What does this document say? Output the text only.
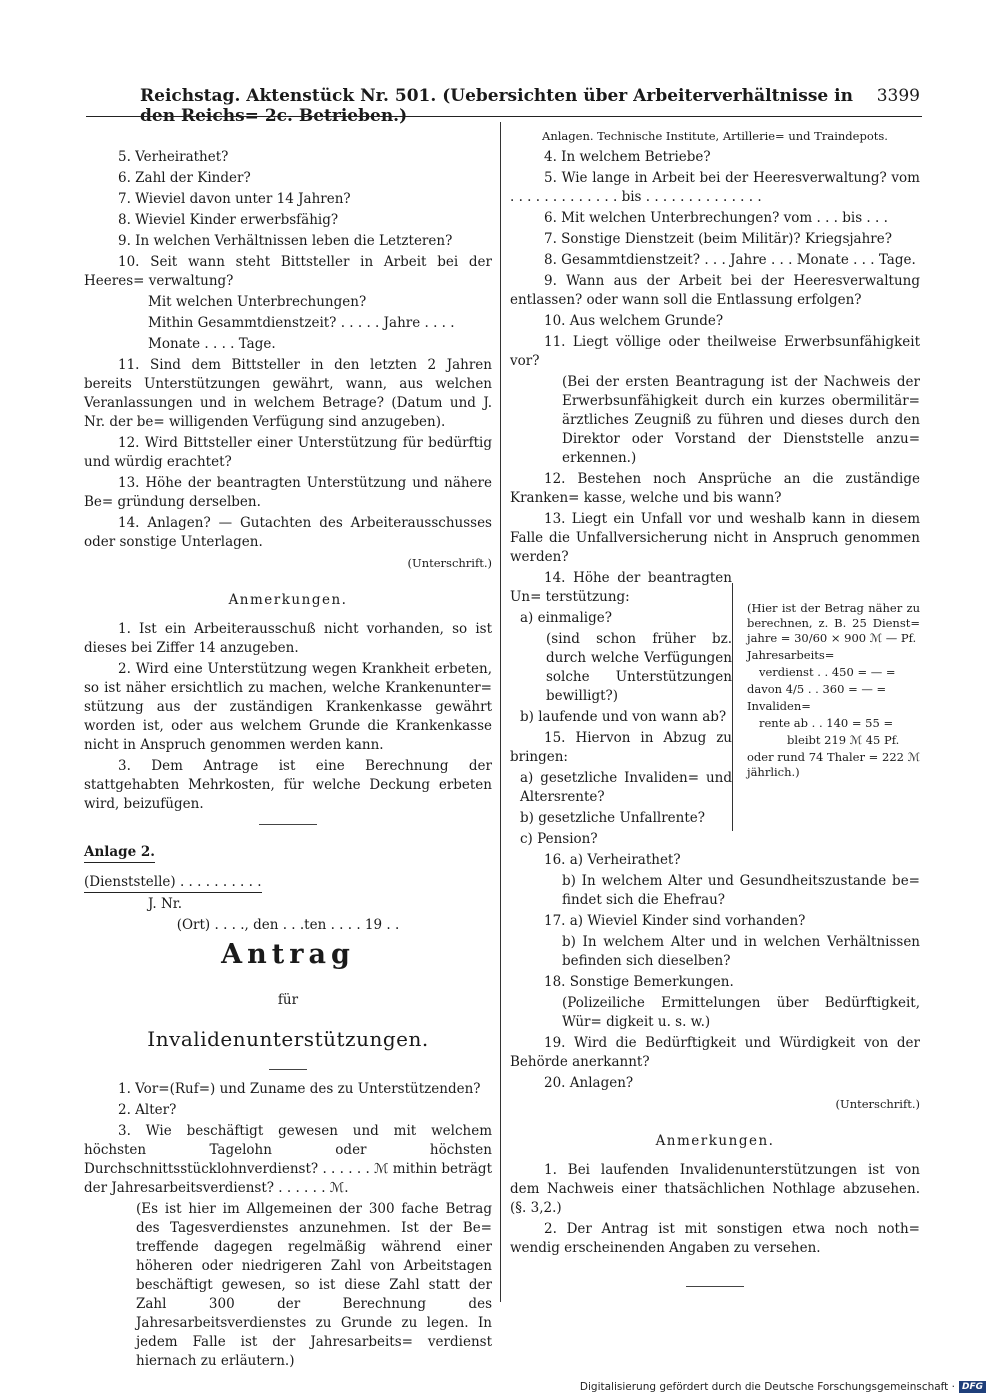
Reichstag. Aktenstück Nr. 501. (Uebersichten über Arbeiterverhältnisse in den Reichs= 2c. Betrieben.)
3399

5. Verheirathet?

6. Zahl der Kinder?

7. Wieviel davon unter 14 Jahren?

8. Wieviel Kinder erwerbsfähig?

9. In welchen Verhältnissen leben die Letzteren?

10. Seit wann steht Bittsteller in Arbeit bei der Heeres= verwaltung?

Mit welchen Unterbrechungen?

Mithin Gesammtdienstzeit? . . . . . Jahre . . . .

Monate . . . . Tage.

11. Sind dem Bittsteller in den letzten 2 Jahren bereits Unterstützungen gewährt, wann, aus welchen Veranlassungen und in welchem Betrage? (Datum und J. Nr. der be= willigenden Verfügung sind anzugeben).

12. Wird Bittsteller einer Unterstützung für bedürftig und würdig erachtet?

13. Höhe der beantragten Unterstützung und nähere Be= gründung derselben.

14. Anlagen? — Gutachten des Arbeiterausschusses oder sonstige Unterlagen.

(Unterschrift.)

Anmerkungen.

1. Ist ein Arbeiterausschuß nicht vorhanden, so ist dieses bei Ziffer 14 anzugeben.

2. Wird eine Unterstützung wegen Krankheit erbeten, so ist näher ersichtlich zu machen, welche Krankenunter= stützung aus der zuständigen Krankenkasse gewährt worden ist, oder aus welchem Grunde die Krankenkasse nicht in Anspruch genommen werden kann.

3. Dem Antrage ist eine Berechnung der stattgehabten Mehrkosten, für welche Deckung erbeten wird, beizufügen.

Anlage 2.

(Dienststelle) . . . . . . . . . .

J. Nr.

(Ort) . . . ., den . . .ten . . . . 19 . .

Antrag

für

Invalidenunterstützungen.

1. Vor=(Ruf=) und Zuname des zu Unterstützenden?

2. Alter?

3. Wie beschäftigt gewesen und mit welchem höchsten Tagelohn oder höchsten Durchschnittsstücklohnverdienst? . . . . . . ℳ mithin beträgt der Jahresarbeitsverdienst? . . . . . . ℳ.

(Es ist hier im Allgemeinen der 300 fache Betrag des Tagesverdienstes anzunehmen. Ist der Be= treffende dagegen regelmäßig während einer höheren oder niedrigeren Zahl von Arbeitstagen beschäftigt gewesen, so ist diese Zahl statt der Zahl 300 der Berechnung des Jahresarbeitsverdienstes zu Grunde zu legen. In jedem Falle ist der Jahresarbeits= verdienst hiernach zu erläutern.)

Anlagen. Technische Institute, Artillerie= und Traindepots.

4. In welchem Betriebe?

5. Wie lange in Arbeit bei der Heeresverwaltung? vom . . . . . . . . . . . . . bis . . . . . . . . . . . . . .

6. Mit welchen Unterbrechungen? vom . . . bis . . .

7. Sonstige Dienstzeit (beim Militär)? Kriegsjahre?

8. Gesammtdienstzeit? . . . Jahre . . . Monate . . . Tage.

9. Wann aus der Arbeit bei der Heeresverwaltung entlassen? oder wann soll die Entlassung erfolgen?

10. Aus welchem Grunde?

11. Liegt völlige oder theilweise Erwerbsunfähigkeit vor?

(Bei der ersten Beantragung ist der Nachweis der Erwerbsunfähigkeit durch ein kurzes obermilitär= ärztliches Zeugniß zu führen und dieses durch den Direktor oder Vorstand der Dienststelle anzu= erkennen.)

12. Bestehen noch Ansprüche an die zuständige Kranken= kasse, welche und bis wann?

13. Liegt ein Unfall vor und weshalb kann in diesem Falle die Unfallversicherung nicht in Anspruch genommen werden?

14. Höhe der beantragten Un= terstützung:

a) einmalige?

(sind schon früher bz. durch welche Verfügungen solche Unterstützungen bewilligt?)

b) laufende und von wann ab?

15. Hiervon in Abzug zu bringen:

a) gesetzliche Invaliden= und Altersrente?

b) gesetzliche Unfallrente?

c) Pension?

(Hier ist der Betrag näher zu berechnen, z. B. 25 Dienst= jahre = 30/60 × 900 ℳ — Pf.

Jahresarbeits=

verdienst . . 450 = — =

davon 4/5 . . 360 = — =

Invaliden=

rente ab . . 140 = 55 =

bleibt 219 ℳ 45 Pf.

oder rund 74 Thaler = 222 ℳ jährlich.)

16. a) Verheirathet?

b) In welchem Alter und Gesundheitszustande be= findet sich die Ehefrau?

17. a) Wieviel Kinder sind vorhanden?

b) In welchem Alter und in welchen Verhältnissen befinden sich dieselben?

18. Sonstige Bemerkungen.

(Polizeiliche Ermittelungen über Bedürftigkeit, Wür= digkeit u. s. w.)

19. Wird die Bedürftigkeit und Würdigkeit von der Behörde anerkannt?

20. Anlagen?

(Unterschrift.)

Anmerkungen.

1. Bei laufenden Invalidenunterstützungen ist von dem Nachweis einer thatsächlichen Nothlage abzusehen. (§. 3,2.)

2. Der Antrag ist mit sonstigen etwa noch noth= wendig erscheinenden Angaben zu versehen.

Digitalisierung gefördert durch die Deutsche Forschungsgemeinschaft · DFG
